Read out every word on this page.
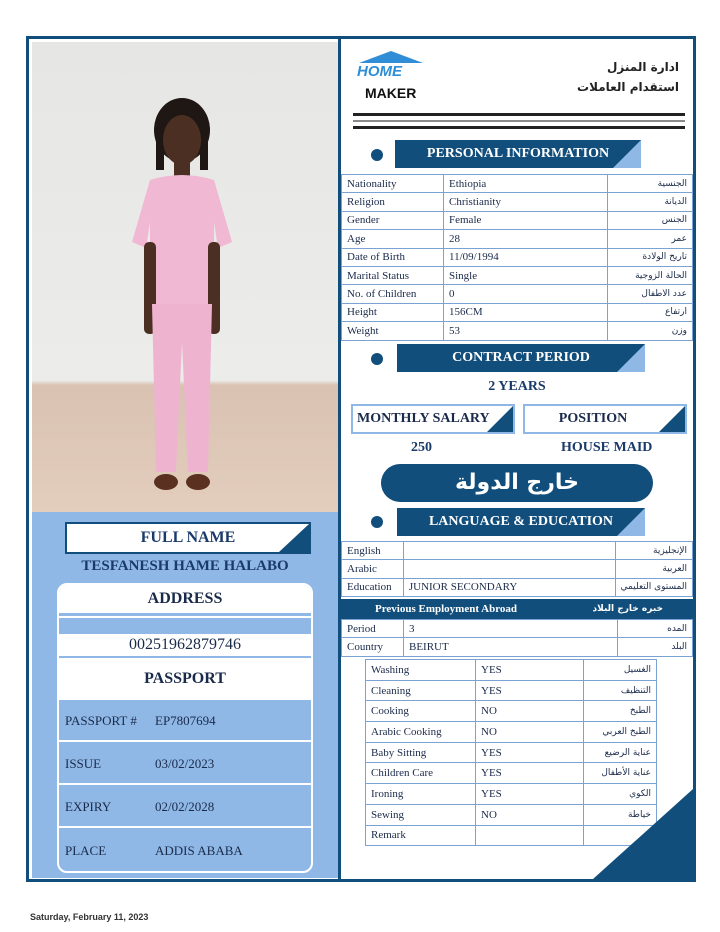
FULL NAME
TESFANESH HAME HALABO
ADDRESS
00251962879746
PASSPORT
PASSPORT #	EP7807694
ISSUE	03/02/2023
EXPIRY	02/02/2028
PLACE	ADDIS ABABA
HOME
MAKER
ادارة المنزل
استقدام العاملات
PERSONAL INFORMATION
Nationality	Ethiopia	الجنسية
Religion	Christianity	الديانة
Gender	Female	الجنس
Age	28	عمر
Date of Birth	11/09/1994	تاريخ الولادة
Marital Status	Single	الحالة الزوجية
No. of Children	0	عدد الاطفال
Height	156CM	ارتفاع
Weight	53	وزن
CONTRACT PERIOD
2 YEARS
MONTHLY SALARY	POSITION
250	HOUSE MAID
خارج الدولة
LANGUAGE & EDUCATION
English		الإنجليزية
Arabic		العربية
Education	JUNIOR SECONDARY	المستوى التعليمي
Previous Employment Abroad	خبره خارج البلاد
Period	3	المده
Country	BEIRUT	البلد
Washing	YES	الغسيل
Cleaning	YES	التنظيف
Cooking	NO	الطبخ
Arabic Cooking	NO	الطبخ العربي
Baby Sitting	YES	عناية الرضيع
Children Care	YES	عناية الأطفال
Ironing	YES	الكوي
Sewing	NO	خياطة
Remark		
Saturday, February 11, 2023
